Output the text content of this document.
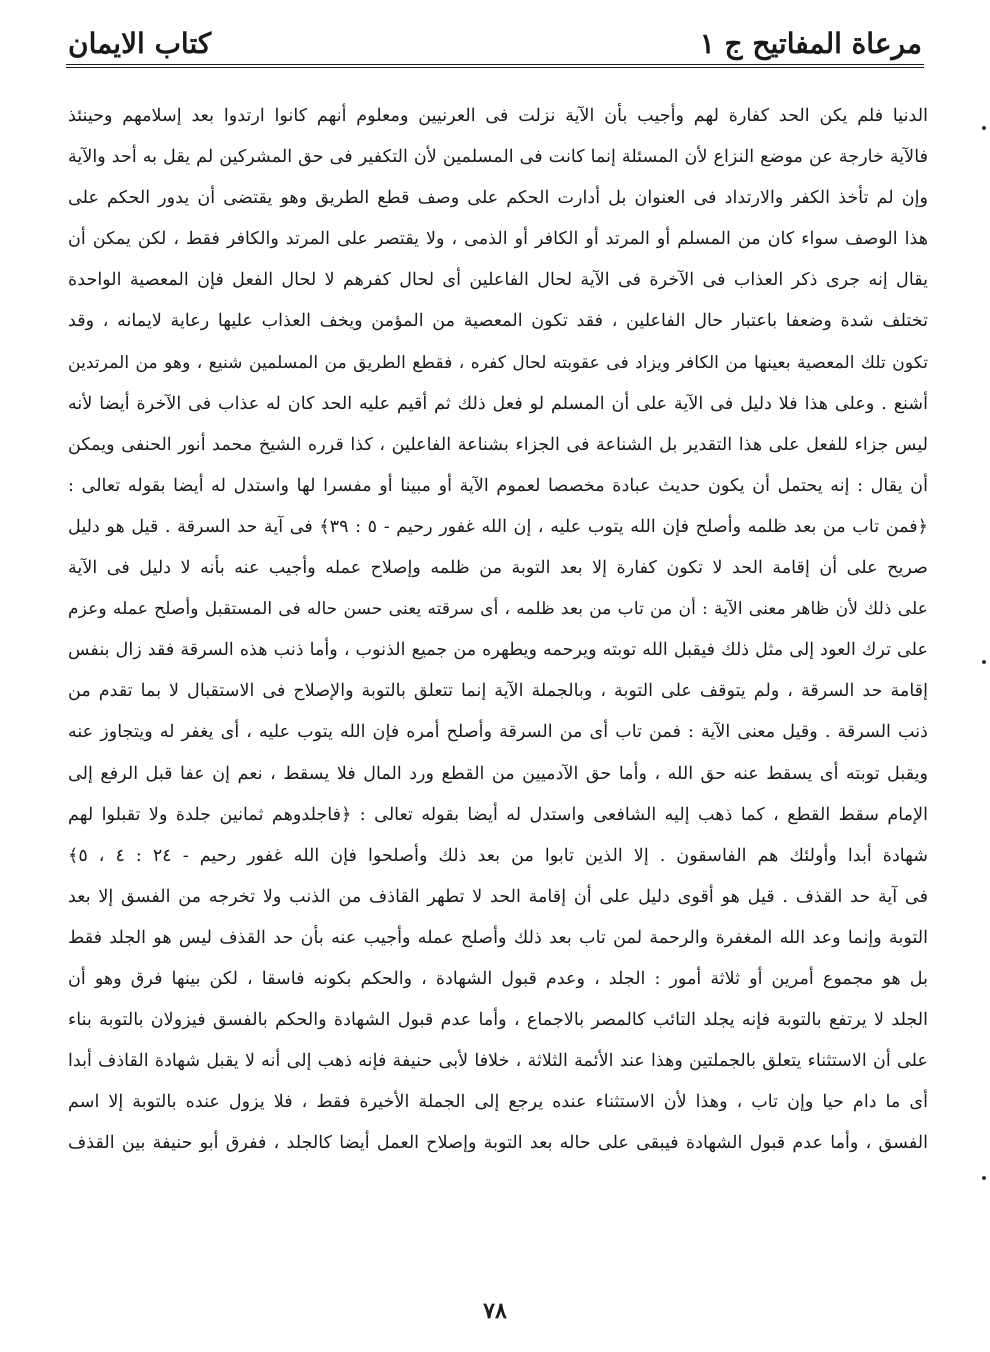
مرعاة المفاتيح ج ١
كتاب الايمان
الدنيا فلم يكن الحد كفارة لهم وأجيب بأن الآية نزلت فى العرنيين ومعلوم أنهم كانوا ارتدوا بعد إسلامهم وحينئذ
فالآية خارجة عن موضع النزاع لأن المسئلة إنما كانت فى المسلمين لأن التكفير فى حق المشركين لم يقل به أحد والآية
وإن لم تأخذ الكفر والارتداد فى العنوان بل أدارت الحكم على وصف قطع الطريق وهو يقتضى أن يدور الحكم على
هذا الوصف سواء كان من المسلم أو المرتد أو الكافر أو الذمى ، ولا يقتصر على المرتد والكافر فقط ، لكن يمكن أن
يقال إنه جرى ذكر العذاب فى الآخرة فى الآية لحال الفاعلين أى لحال كفرهم لا لحال الفعل فإن المعصية الواحدة
تختلف شدة وضعفا باعتبار حال الفاعلين ، فقد تكون المعصية من المؤمن ويخف العذاب عليها رعاية لايمانه ، وقد
تكون تلك المعصية بعينها من الكافر ويزاد فى عقوبته لحال كفره ، فقطع الطريق من المسلمين شنيع ، وهو من المرتدين
أشنع . وعلى هذا فلا دليل فى الآية على أن المسلم لو فعل ذلك ثم أقيم عليه الحد كان له عذاب فى الآخرة أيضا لأنه
ليس جزاء للفعل على هذا التقدير بل الشناعة فى الجزاء بشناعة الفاعلين ، كذا قرره الشيخ محمد أنور الحنفى ويمكن
أن يقال : إنه يحتمل أن يكون حديث عبادة مخصصا لعموم الآية أو مبينا أو مفسرا لها واستدل له أيضا بقوله تعالى :
﴿فمن تاب من بعد ظلمه وأصلح فإن الله يتوب عليه ، إن الله غفور رحيم - ٥ : ٣٩﴾ فى آية حد السرقة . قيل هو دليل
صريح على أن إقامة الحد لا تكون كفارة إلا بعد التوبة من ظلمه وإصلاح عمله وأجيب عنه بأنه لا دليل فى الآية
على ذلك لأن ظاهر معنى الآية : أن من تاب من بعد ظلمه ، أى سرقته يعنى حسن حاله فى المستقبل وأصلح عمله وعزم
على ترك العود إلى مثل ذلك فيقبل الله توبته ويرحمه ويطهره من جميع الذنوب ، وأما ذنب هذه السرقة فقد زال بنفس
إقامة حد السرقة ، ولم يتوقف على التوبة ، وبالجملة الآية إنما تتعلق بالتوبة والإصلاح فى الاستقبال لا بما تقدم من
ذنب السرقة . وقيل معنى الآية : فمن تاب أى من السرقة وأصلح أمره فإن الله يتوب عليه ، أى يغفر له ويتجاوز عنه
ويقبل توبته أى يسقط عنه حق الله ، وأما حق الآدميين من القطع ورد المال فلا يسقط ، نعم إن عفا قبل الرفع إلى
الإمام سقط القطع ، كما ذهب إليه الشافعى واستدل له أيضا بقوله تعالى : ﴿فاجلدوهم ثمانين جلدة ولا تقبلوا لهم
شهادة أبدا وأولئك هم الفاسقون . إلا الذين تابوا من بعد ذلك وأصلحوا فإن الله غفور رحيم - ٢٤ : ٤ ، ٥﴾
فى آية حد القذف . قيل هو أقوى دليل على أن إقامة الحد لا تطهر القاذف من الذنب ولا تخرجه من الفسق إلا بعد
التوبة وإنما وعد الله المغفرة والرحمة لمن تاب بعد ذلك وأصلح عمله وأجيب عنه بأن حد القذف ليس هو الجلد فقط
بل هو مجموع أمرين أو ثلاثة أمور : الجلد ، وعدم قبول الشهادة ، والحكم بكونه فاسقا ، لكن بينها فرق وهو أن
الجلد لا يرتفع بالتوبة فإنه يجلد التائب كالمصر بالاجماع ، وأما عدم قبول الشهادة والحكم بالفسق فيزولان بالتوبة بناء
على أن الاستثناء يتعلق بالجملتين وهذا عند الأئمة الثلاثة ، خلافا لأبى حنيفة فإنه ذهب إلى أنه لا يقبل شهادة القاذف أبدا
أى ما دام حيا وإن تاب ، وهذا لأن الاستثناء عنده يرجع إلى الجملة الأخيرة فقط ، فلا يزول عنده بالتوبة إلا اسم
الفسق ، وأما عدم قبول الشهادة فيبقى على حاله بعد التوبة وإصلاح العمل أيضا كالجلد ، ففرق أبو حنيفة بين القذف
٧٨
